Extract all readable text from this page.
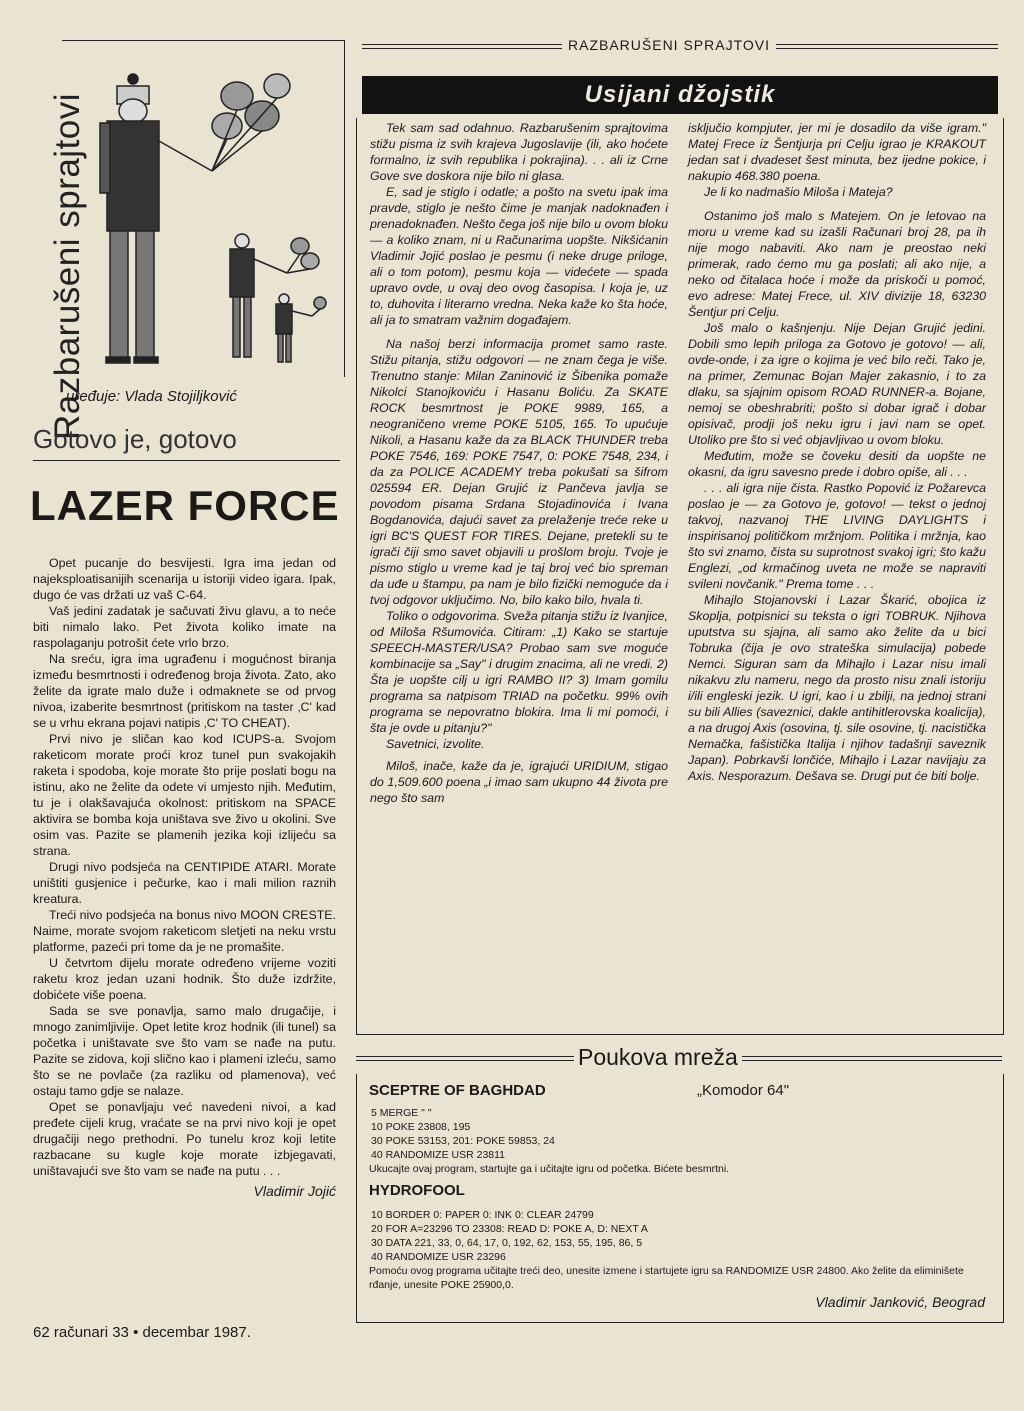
Razbarušeni sprajtovi
uređuje: Vlada Stojiljković
Gotovo je, gotovo
LAZER FORCE

Opet pucanje do besvijesti. Igra ima jedan od najeksploatisanijih scenarija u istoriji video igara. Ipak, dugo će vas držati uz vaš C-64.

Vaš jedini zadatak je sačuvati živu glavu, a to neće biti nimalo lako. Pet života koliko imate na raspolaganju potrošit ćete vrlo brzo.

Na sreću, igra ima ugrađenu i mogućnost biranja između besmrtnosti i određenog broja života. Zato, ako želite da igrate malo duže i odmaknete se od prvog nivoa, izaberite besmrtnost (pritiskom na taster ‚C' kad se u vrhu ekrana pojavi natipis ‚C' TO CHEAT).

Prvi nivo je sličan kao kod ICUPS-a. Svojom raketicom morate proći kroz tunel pun svakojakih raketa i spodoba, koje morate što prije poslati bogu na istinu, ako ne želite da odete vi umjesto njih. Međutim, tu je i olakšavajuća okolnost: pritiskom na SPACE aktivira se bomba koja uništava sve živo u okolini. Sve osim vas. Pazite se plamenih jezika koji izlijeću sa strana.

Drugi nivo podsjeća na CENTIPIDE ATARI. Morate uništiti gusjenice i pečurke, kao i mali milion raznih kreatura.

Treći nivo podsjeća na bonus nivo MOON CRESTE. Naime, morate svojom raketicom sletjeti na neku vrstu platforme, pazeći pri tome da je ne promašite.

U četvrtom dijelu morate određeno vrijeme voziti raketu kroz jedan uzani hodnik. Što duže izdržite, dobićete više poena.

Sada se sve ponavlja, samo malo drugačije, i mnogo zanimljivije. Opet letite kroz hodnik (ili tunel) sa početka i uništavate sve što vam se nađe na putu. Pazite se zidova, koji slično kao i plameni izleću, samo što se ne povlače (za razliku od plamenova), već ostaju tamo gdje se nalaze.

Opet se ponavljaju već navedeni nivoi, a kad pređete cijeli krug, vraćate se na prvi nivo koji je opet drugačiji nego prethodni. Po tunelu kroz koji letite razbacane su kugle koje morate izbjegavati, uništavajući sve što vam se nađe na putu . . .

Vladimir Jojić
62 računari 33 • decembar 1987.
RAZBARUŠENI SPRAJTOVI
Usijani džojstik

Tek sam sad odahnuo. Razbarušenim sprajtovima stižu pisma iz svih krajeva Jugoslavije (ili, ako hoćete formalno, iz svih republika i pokrajina). . . ali iz Crne Gove sve doskora nije bilo ni glasa.

E, sad je stiglo i odatle; a pošto na svetu ipak ima pravde, stiglo je nešto čime je manjak nadoknađen i prenadoknađen. Nešto čega još nije bilo u ovom bloku — a koliko znam, ni u Računarima uopšte. Nikšićanin Vladimir Jojić poslao je pesmu (i neke druge priloge, ali o tom potom), pesmu koja — videćete — spada upravo ovde, u ovaj deo ovog časopisa. I koja je, uz to, duhovita i literarno vredna. Neka kaže ko šta hoće, ali ja to smatram važnim događajem.

Na našoj berzi informacija promet samo raste. Stižu pitanja, stižu odgovori — ne znam čega je više. Trenutno stanje: Milan Zaninović iz Šibenika pomaže Nikolci Stanojkoviću i Hasanu Boliću. Za SKATE ROCK besmrtnost je POKE 9989, 165, a neograničeno vreme POKE 5105, 165. To upućuje Nikoli, a Hasanu kaže da za BLACK THUNDER treba POKE 7546, 169: POKE 7547, 0: POKE 7548, 234, i da za POLICE ACADEMY treba pokušati sa šifrom 025594 ER. Dejan Grujić iz Pančeva javlja se povodom pisama Srdana Stojadinovića i Ivana Bogdanovića, dajući savet za prelaženje treće reke u igri BC'S QUEST FOR TIRES. Dejane, pretekli su te igrači čiji smo savet objavili u prošlom broju. Tvoje je pismo stiglo u vreme kad je taj broj već bio spreman da uđe u štampu, pa nam je bilo fizički nemoguće da i tvoj odgovor uključimo. No, bilo kako bilo, hvala ti.

Toliko o odgovorima. Sveža pitanja stižu iz Ivanjice, od Miloša Ršumovića. Citiram: „1) Kako se startuje SPEECH-MASTER/USA? Probao sam sve moguće kombinacije sa „Say" i drugim znacima, ali ne vredi. 2) Šta je uopšte cilj u igri RAMBO II? 3) Imam gomilu programa sa natpisom TRIAD na početku. 99% ovih programa se nepovratno blokira. Ima li mi pomoći, i šta je ovde u pitanju?"

Savetnici, izvolite.

Miloš, inače, kaže da je, igrajući URIDIUM, stigao do 1,509.600 poena „i imao sam ukupno 44 života pre nego što sam

isključio kompjuter, jer mi je dosadilo da više igram." Matej Frece iz Šentjurja pri Celju igrao je KRAKOUT jedan sat i dvadeset šest minuta, bez ijedne pokice, i nakupio 468.380 poena.

Je li ko nadmašio Miloša i Mateja?

Ostanimo još malo s Matejem. On je letovao na moru u vreme kad su izašli Računari broj 28, pa ih nije mogo nabaviti. Ako nam je preostao neki primerak, rado ćemo mu ga poslati; ali ako nije, a neko od čitalaca hoće i može da priskoči u pomoć, evo adrese: Matej Frece, ul. XIV divizije 18, 63230 Šentjur pri Celju.

Još malo o kašnjenju. Nije Dejan Grujić jedini. Dobili smo lepih priloga za Gotovo je gotovo! — ali, ovde-onde, i za igre o kojima je već bilo reči. Tako je, na primer, Zemunac Bojan Majer zakasnio, i to za dlaku, sa sjajnim opisom ROAD RUNNER-a. Bojane, nemoj se obeshrabriti; pošto si dobar igrač i dobar opisivač, prodji još neku igru i javi nam se opet. Utoliko pre što si već objavljivao u ovom bloku.

Međutim, može se čoveku desiti da uopšte ne okasni, da igru savesno prede i dobro opiše, ali . . .

. . . ali igra nije čista. Rastko Popović iz Požarevca poslao je — za Gotovo je, gotovo! — tekst o jednoj takvoj, nazvanoj THE LIVING DAYLIGHTS i inspirisanoj političkom mržnjom. Politika i mržnja, kao što svi znamo, čista su suprotnost svakoj igri; što kažu Englezi, „od krmačinog uveta ne može se napraviti svileni novčanik." Prema tome . . .

Mihajlo Stojanovski i Lazar Škarić, obojica iz Skoplja, potpisnici su teksta o igri TOBRUK. Njihova uputstva su sjajna, ali samo ako želite da u bici Tobruka (čija je ovo strateška simulacija) pobede Nemci. Siguran sam da Mihajlo i Lazar nisu imali nikakvu zlu nameru, nego da prosto nisu znali istoriju i/ili engleski jezik. U igri, kao i u zbilji, na jednoj strani su bili Allies (saveznici, dakle antihitlerovska koalicija), a na drugoj Axis (osovina, tj. sile osovine, tj. nacistička Nemačka, fašistička Italija i njihov tadašnji saveznik Japan). Pobrkavši lončiće, Mihajlo i Lazar navijaju za Axis. Nesporazum. Dešava se. Drugi put će biti bolje.

Poukova mreža
SCEPTRE OF BAGHDAD	„Komodor 64"
5 MERGE " "
10 POKE 23808, 195
30 POKE 53153, 201: POKE 59853, 24
40 RANDOMIZE USR 23811
Ukucajte ovaj program, startujte ga i učitajte igru od početka. Bićete besmrtni.
HYDROFOOL
10 BORDER 0: PAPER 0: INK 0: CLEAR 24799
20 FOR A=23296 TO 23308: READ D: POKE A, D: NEXT A
30 DATA 221, 33, 0, 64, 17, 0, 192, 62, 153, 55, 195, 86, 5
40 RANDOMIZE USR 23296
Pomoću ovog programa učitajte treći deo, unesite izmene i startujete igru sa RANDOMIZE USR 24800. Ako želite da eliminišete rđanje, unesite POKE 25900,0.
Vladimir Janković, Beograd
